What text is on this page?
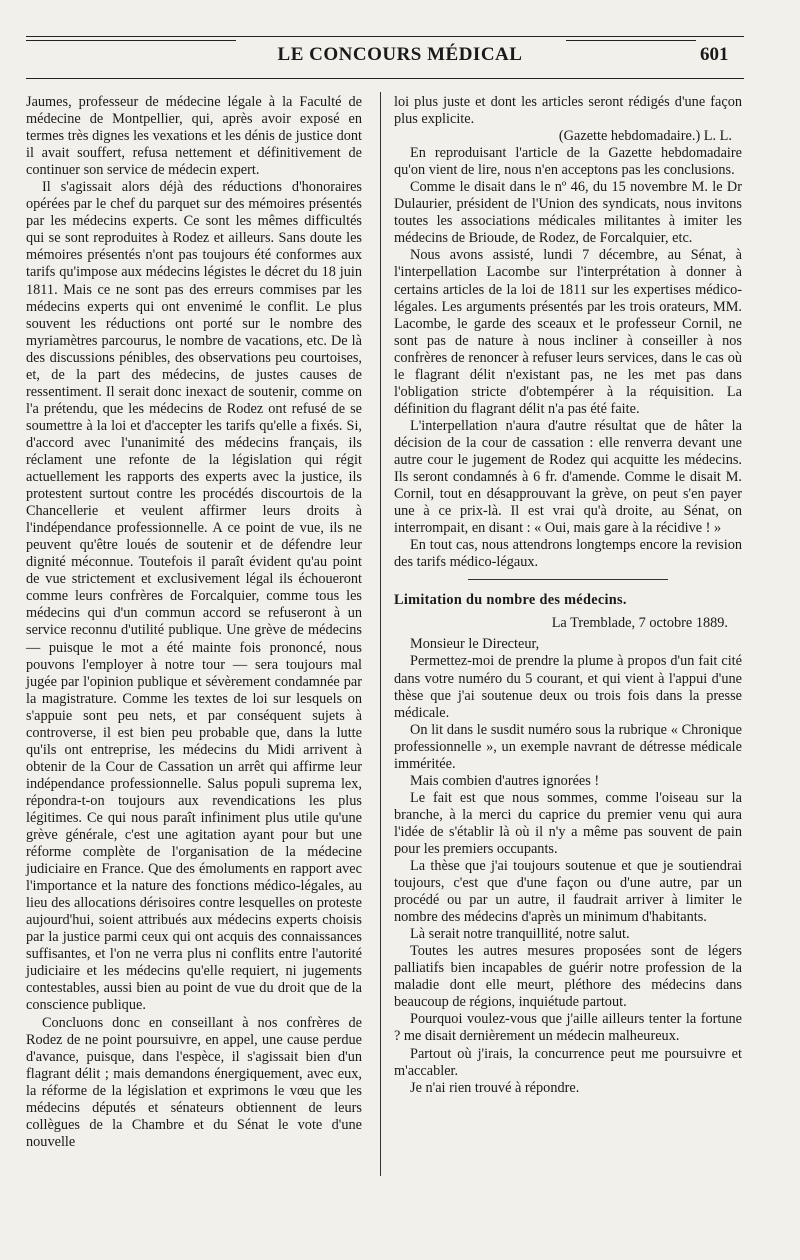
LE CONCOURS MÉDICAL	601

Jaumes, professeur de médecine légale à la Faculté de médecine de Montpellier, qui, après avoir exposé en termes très dignes les vexations et les dénis de justice dont il avait souffert, refusa nettement et définitivement de continuer son service de médecin expert.

Il s'agissait alors déjà des réductions d'honoraires opérées par le chef du parquet sur des mémoires présentés par les médecins experts. Ce sont les mêmes difficultés qui se sont reproduites à Rodez et ailleurs. Sans doute les mémoires présentés n'ont pas toujours été conformes aux tarifs qu'impose aux médecins légistes le décret du 18 juin 1811. Mais ce ne sont pas des erreurs commises par les médecins experts qui ont envenimé le conflit. Le plus souvent les réductions ont porté sur le nombre des myriamètres parcourus, le nombre de vacations, etc. De là des discussions pénibles, des observations peu courtoises, et, de la part des médecins, de justes causes de ressentiment. Il serait donc inexact de soutenir, comme on l'a prétendu, que les médecins de Rodez ont refusé de se soumettre à la loi et d'accepter les tarifs qu'elle a fixés. Si, d'accord avec l'unanimité des médecins français, ils réclament une refonte de la législation qui régit actuellement les rapports des experts avec la justice, ils protestent surtout contre les procédés discourtois de la Chancellerie et veulent affirmer leurs droits à l'indépendance professionnelle. A ce point de vue, ils ne peuvent qu'être loués de soutenir et de défendre leur dignité méconnue. Toutefois il paraît évident qu'au point de vue strictement et exclusivement légal ils échoueront comme leurs confrères de Forcalquier, comme tous les médecins qui d'un commun accord se refuseront à un service reconnu d'utilité publique. Une grève de médecins — puisque le mot a été mainte fois prononcé, nous pouvons l'employer à notre tour — sera toujours mal jugée par l'opinion publique et sévèrement condamnée par la magistrature. Comme les textes de loi sur lesquels on s'appuie sont peu nets, et par conséquent sujets à controverse, il est bien peu probable que, dans la lutte qu'ils ont entreprise, les médecins du Midi arrivent à obtenir de la Cour de Cassation un arrêt qui affirme leur indépendance professionnelle. Salus populi suprema lex, répondra-t-on toujours aux revendications les plus légitimes. Ce qui nous paraît infiniment plus utile qu'une grève générale, c'est une agitation ayant pour but une réforme complète de l'organisation de la médecine judiciaire en France. Que des émoluments en rapport avec l'importance et la nature des fonctions médico-légales, au lieu des allocations dérisoires contre lesquelles on proteste aujourd'hui, soient attribués aux médecins experts choisis par la justice parmi ceux qui ont acquis des connaissances suffisantes, et l'on ne verra plus ni conflits entre l'autorité judiciaire et les médecins qu'elle requiert, ni jugements contestables, aussi bien au point de vue du droit que de la conscience publique.

Concluons donc en conseillant à nos confrères de Rodez de ne point poursuivre, en appel, une cause perdue d'avance, puisque, dans l'espèce, il s'agissait bien d'un flagrant délit ; mais demandons énergiquement, avec eux, la réforme de la législation et exprimons le vœu que les médecins députés et sénateurs obtiennent de leurs collègues de la Chambre et du Sénat le vote d'une nouvelle

loi plus juste et dont les articles seront rédigés d'une façon plus explicite.

(Gazette hebdomadaire.) L. L.

En reproduisant l'article de la Gazette hebdomadaire qu'on vient de lire, nous n'en acceptons pas les conclusions.

Comme le disait dans le nº 46, du 15 novembre M. le Dr Dulaurier, président de l'Union des syndicats, nous invitons toutes les associations médicales militantes à imiter les médecins de Brioude, de Rodez, de Forcalquier, etc.

Nous avons assisté, lundi 7 décembre, au Sénat, à l'interpellation Lacombe sur l'interprétation à donner à certains articles de la loi de 1811 sur les expertises médico-légales. Les arguments présentés par les trois orateurs, MM. Lacombe, le garde des sceaux et le professeur Cornil, ne sont pas de nature à nous incliner à conseiller à nos confrères de renoncer à refuser leurs services, dans le cas où le flagrant délit n'existant pas, ne les met pas dans l'obligation stricte d'obtempérer à la réquisition. La définition du flagrant délit n'a pas été faite.

L'interpellation n'aura d'autre résultat que de hâter la décision de la cour de cassation : elle renverra devant une autre cour le jugement de Rodez qui acquitte les médecins. Ils seront condamnés à 6 fr. d'amende. Comme le disait M. Cornil, tout en désapprouvant la grève, on peut s'en payer une à ce prix-là. Il est vrai qu'à droite, au Sénat, on interrompait, en disant : « Oui, mais gare à la récidive ! »

En tout cas, nous attendrons longtemps encore la revision des tarifs médico-légaux.

Limitation du nombre des médecins.

La Tremblade, 7 octobre 1889.

Monsieur le Directeur,

Permettez-moi de prendre la plume à propos d'un fait cité dans votre numéro du 5 courant, et qui vient à l'appui d'une thèse que j'ai soutenue deux ou trois fois dans la presse médicale.

On lit dans le susdit numéro sous la rubrique « Chronique professionnelle », un exemple navrant de détresse médicale imméritée.

Mais combien d'autres ignorées !

Le fait est que nous sommes, comme l'oiseau sur la branche, à la merci du caprice du premier venu qui aura l'idée de s'établir là où il n'y a même pas souvent de pain pour les premiers occupants.

La thèse que j'ai toujours soutenue et que je soutiendrai toujours, c'est que d'une façon ou d'une autre, par un procédé ou par un autre, il faudrait arriver à limiter le nombre des médecins d'après un minimum d'habitants.

Là serait notre tranquillité, notre salut.

Toutes les autres mesures proposées sont de légers palliatifs bien incapables de guérir notre profession de la maladie dont elle meurt, pléthore des médecins dans beaucoup de régions, inquiétude partout.

Pourquoi voulez-vous que j'aille ailleurs tenter la fortune ? me disait dernièrement un médecin malheureux.

Partout où j'irais, la concurrence peut me poursuivre et m'accabler.

Je n'ai rien trouvé à répondre.
